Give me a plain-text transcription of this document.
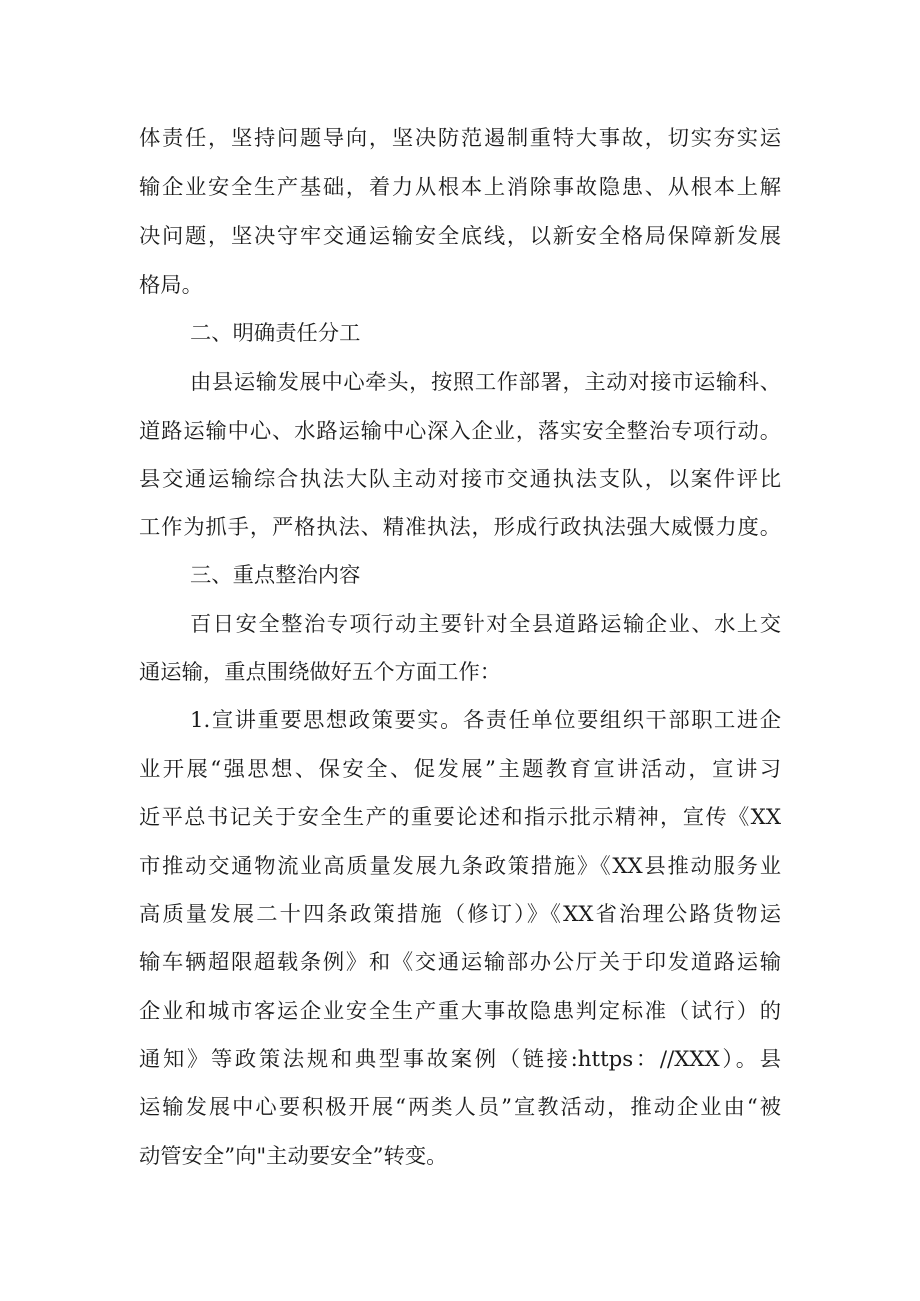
体责任，坚持问题导向，坚决防范遏制重特大事故，切实夯实运
输企业安全生产基础，着力从根本上消除事故隐患、从根本上解
决问题，坚决守牢交通运输安全底线，以新安全格局保障新发展
格局。
二、明确责任分工
由县运输发展中心牵头，按照工作部署，主动对接市运输科、
道路运输中心、水路运输中心深入企业，落实安全整治专项行动。
县交通运输综合执法大队主动对接市交通执法支队，以案件评比
工作为抓手，严格执法、精准执法，形成行政执法强大威慑力度。
三、重点整治内容
百日安全整治专项行动主要针对全县道路运输企业、水上交
通运输，重点围绕做好五个方面工作：
1.宣讲重要思想政策要实。各责任单位要组织干部职工进企
业开展“强思想、保安全、促发展”主题教育宣讲活动，宣讲习
近平总书记关于安全生产的重要论述和指示批示精神，宣传《XX
市推动交通物流业高质量发展九条政策措施》《XX县推动服务业
高质量发展二十四条政策措施（修订）》《XX省治理公路货物运
输车辆超限超载条例》和《交通运输部办公厅关于印发道路运输
企业和城市客运企业安全生产重大事故隐患判定标准（试行）的
通知》等政策法规和典型事故案例（链接:https：//XXX）。县
运输发展中心要积极开展“两类人员”宣教活动，推动企业由“被
动管安全”向"主动要安全”转变。
